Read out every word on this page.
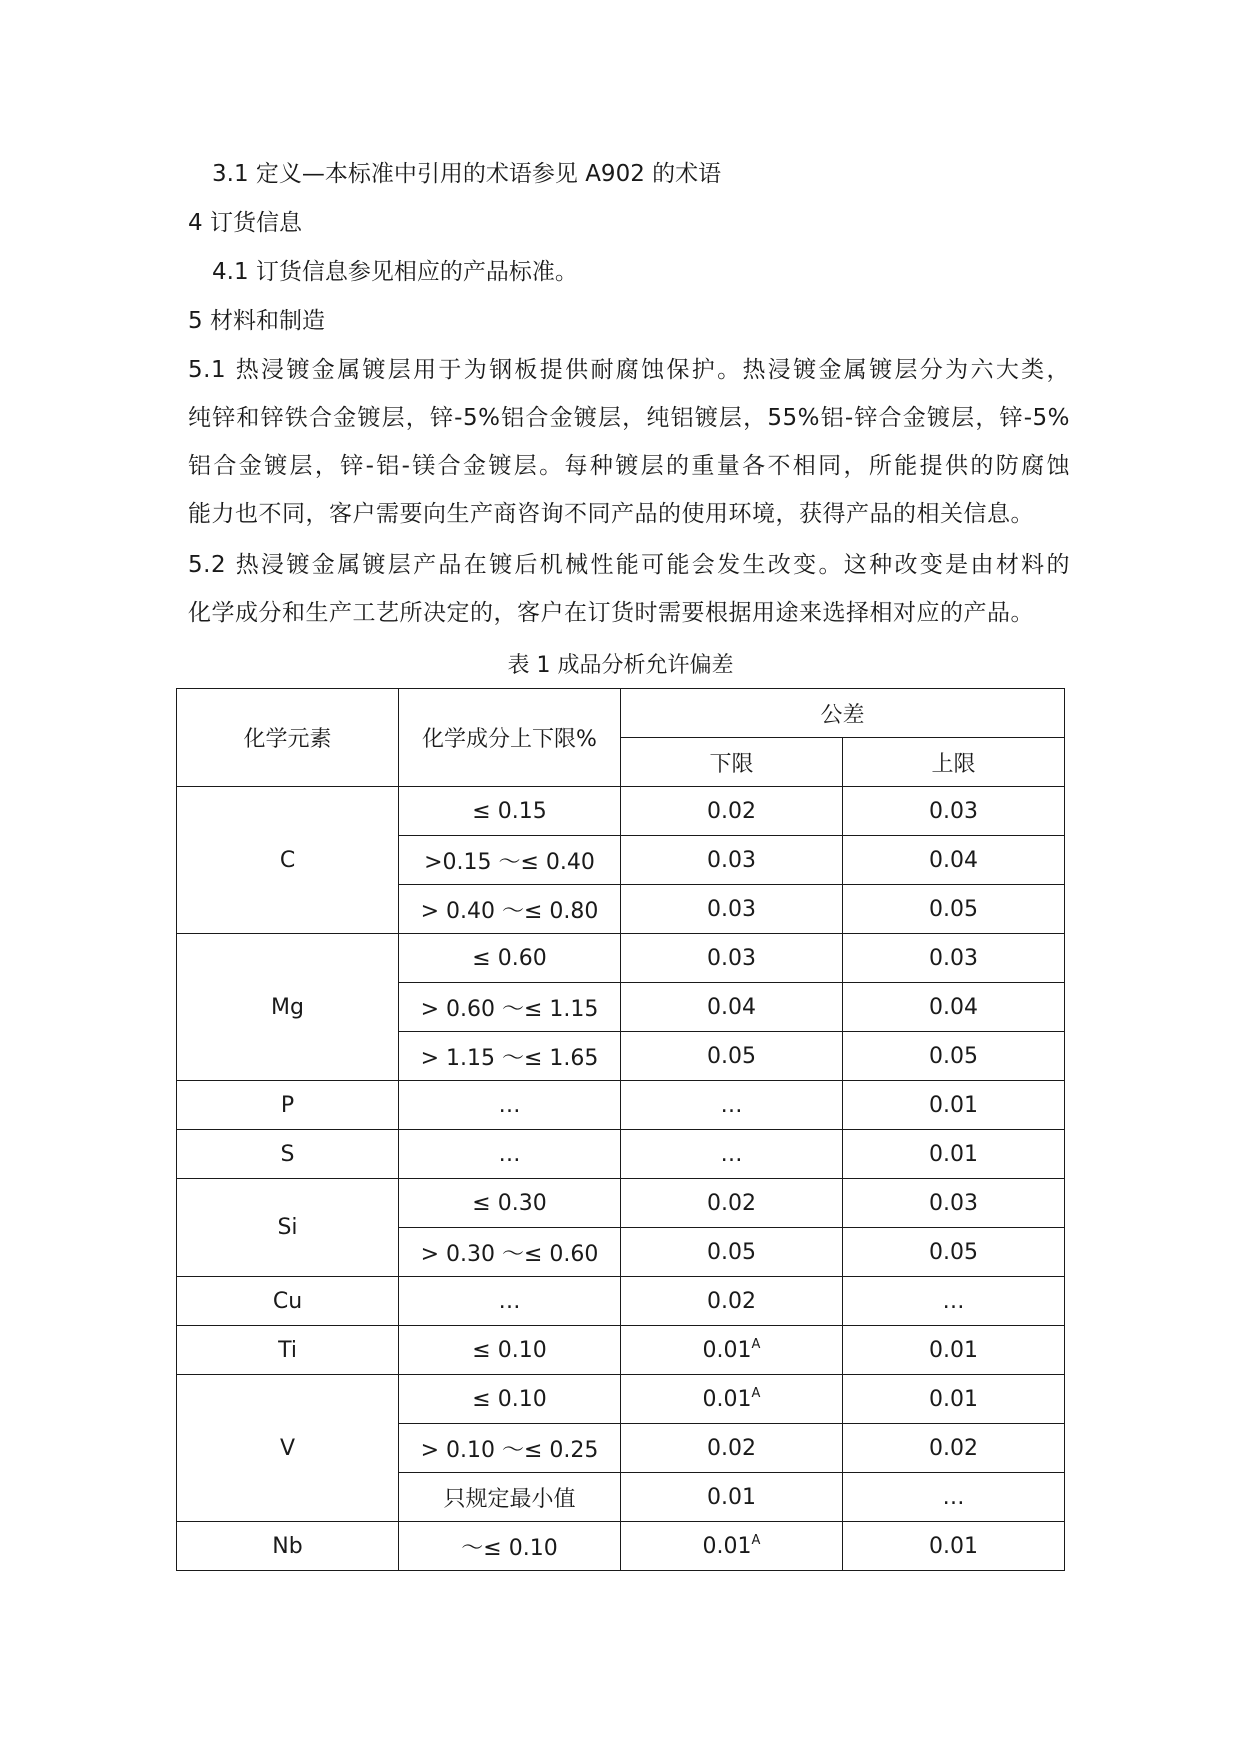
3.1 定义—本标准中引用的术语参见 A902 的术语
4 订货信息
4.1 订货信息参见相应的产品标准。
5 材料和制造
5.1 热浸镀金属镀层用于为钢板提供耐腐蚀保护。热浸镀金属镀层分为六大类，
纯锌和锌铁合金镀层，锌-5%铝合金镀层，纯铝镀层，55%铝-锌合金镀层，锌-5%
铝合金镀层，锌-铝-镁合金镀层。每种镀层的重量各不相同，所能提供的防腐蚀
能力也不同，客户需要向生产商咨询不同产品的使用环境，获得产品的相关信息。
5.2 热浸镀金属镀层产品在镀后机械性能可能会发生改变。这种改变是由材料的
化学成分和生产工艺所决定的，客户在订货时需要根据用途来选择相对应的产品。
表 1 成品分析允许偏差
化学元素	化学成分上下限%	公差	
		下限	上限
C	≤ 0.15	0.02	0.03
	>0.15 ～≤ 0.40	0.03	0.04
	> 0.40 ～≤ 0.80	0.03	0.05
Mg	≤ 0.60	0.03	0.03
	> 0.60 ～≤ 1.15	0.04	0.04
	> 1.15 ～≤ 1.65	0.05	0.05
P	…	…	0.01
S	…	…	0.01
Si	≤ 0.30	0.02	0.03
	> 0.30 ～≤ 0.60	0.05	0.05
Cu	…	0.02	…
Ti	≤ 0.10	$0.01^A$	0.01
V	≤ 0.10	$0.01^A$	0.01
	> 0.10 ～≤ 0.25	0.02	0.02
	只规定最小值	0.01	…
Nb	～≤ 0.10	$0.01^A$	0.01
